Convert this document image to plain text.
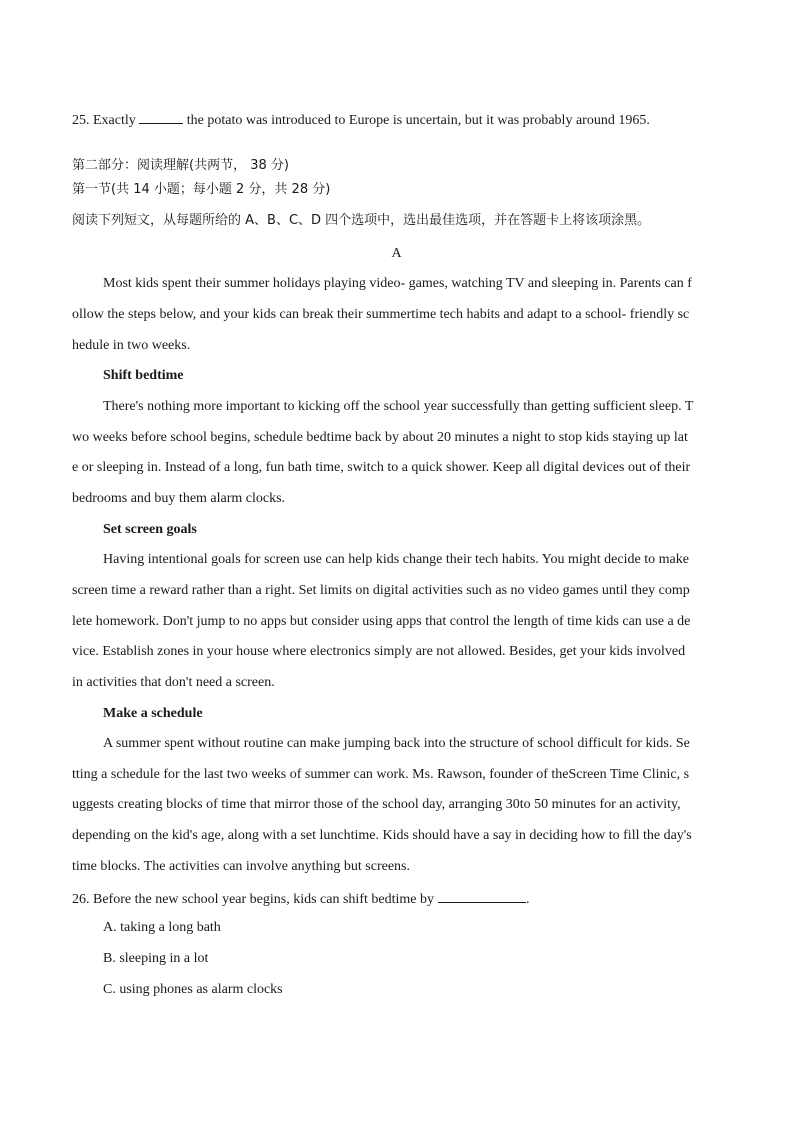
25. Exactly	the potato was introduced to Europe is uncertain, but it was probably around 1965.
第二部分：阅读理解(共两节， 38 分)
第一节(共 14 小题；每小题 2 分，共 28 分)
阅读下列短文，从每题所给的 A、B、C、D 四个选项中，选出最佳选项，并在答题卡上将该项涂黑。
A
Most kids spent their summer holidays playing video- games, watching TV and sleeping in. Parents can f
ollow the steps below, and your kids can break their summertime tech habits and adapt to a school- friendly sc
hedule in two weeks.
Shift bedtime
There's nothing more important to kicking off the school year successfully than getting sufficient sleep. T
wo weeks before school begins, schedule bedtime back by about 20 minutes a night to stop kids staying up lat
e or sleeping in. Instead of a long, fun bath time, switch to a quick shower. Keep all digital devices out of their
bedrooms and buy them alarm clocks.
Set screen goals
Having intentional goals for screen use can help kids change their tech habits. You might decide to make
screen time a reward rather than a right. Set limits on digital activities such as no video games until they comp
lete homework. Don't jump to no apps but consider using apps that control the length of time kids can use a de
vice. Establish zones in your house where electronics simply are not allowed. Besides, get your kids involved
in activities that don't need a screen.
Make a schedule
A summer spent without routine can make jumping back into the structure of school difficult for kids. Se
tting a schedule for the last two weeks of summer can work. Ms. Rawson, founder of theScreen Time Clinic, s
uggests creating blocks of time that mirror those of the school day, arranging 30to 50 minutes for an activity,
depending on the kid's age, along with a set lunchtime. Kids should have a say in deciding how to fill the day's
time blocks. The activities can involve anything but screens.
26. Before the new school year begins, kids can shift bedtime by	.
A. taking a long bath
B. sleeping in a lot
C. using phones as alarm clocks
